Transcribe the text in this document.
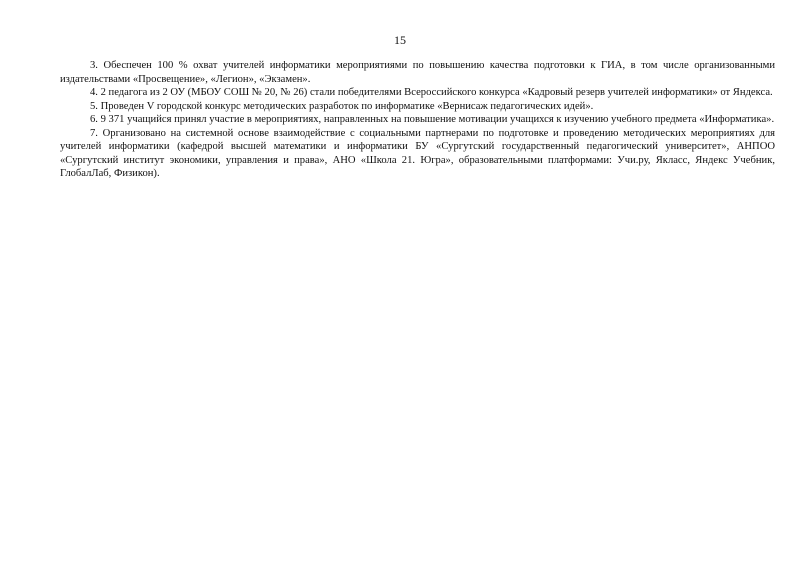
15

3. Обеспечен 100 % охват учителей информатики мероприятиями по повышению качества подготовки к ГИА, в том числе организованными издательствами «Просвещение», «Легион», «Экзамен».

4. 2 педагога из 2 ОУ (МБОУ СОШ № 20, № 26) стали победителями Всероссийского конкурса «Кадровый резерв учителей информатики» от Яндекса.

5. Проведен V городской конкурс методических разработок по информатике «Вернисаж педагогических идей».

6. 9 371 учащийся принял участие в мероприятиях, направленных на повышение мотивации учащихся к изучению учебного предмета «Информатика».

7. Организовано на системной основе взаимодействие с социальными партнерами по подготовке и проведению методических мероприятиях для учителей информатики (кафедрой высшей математики и информатики БУ «Сургутский государственный педагогический университет», АНПОО «Сургутский институт экономики, управления и права», АНО «Школа 21. Югра», образовательными платформами: Учи.ру, Якласс, Яндекс Учебник, ГлобалЛаб, Физикон).
